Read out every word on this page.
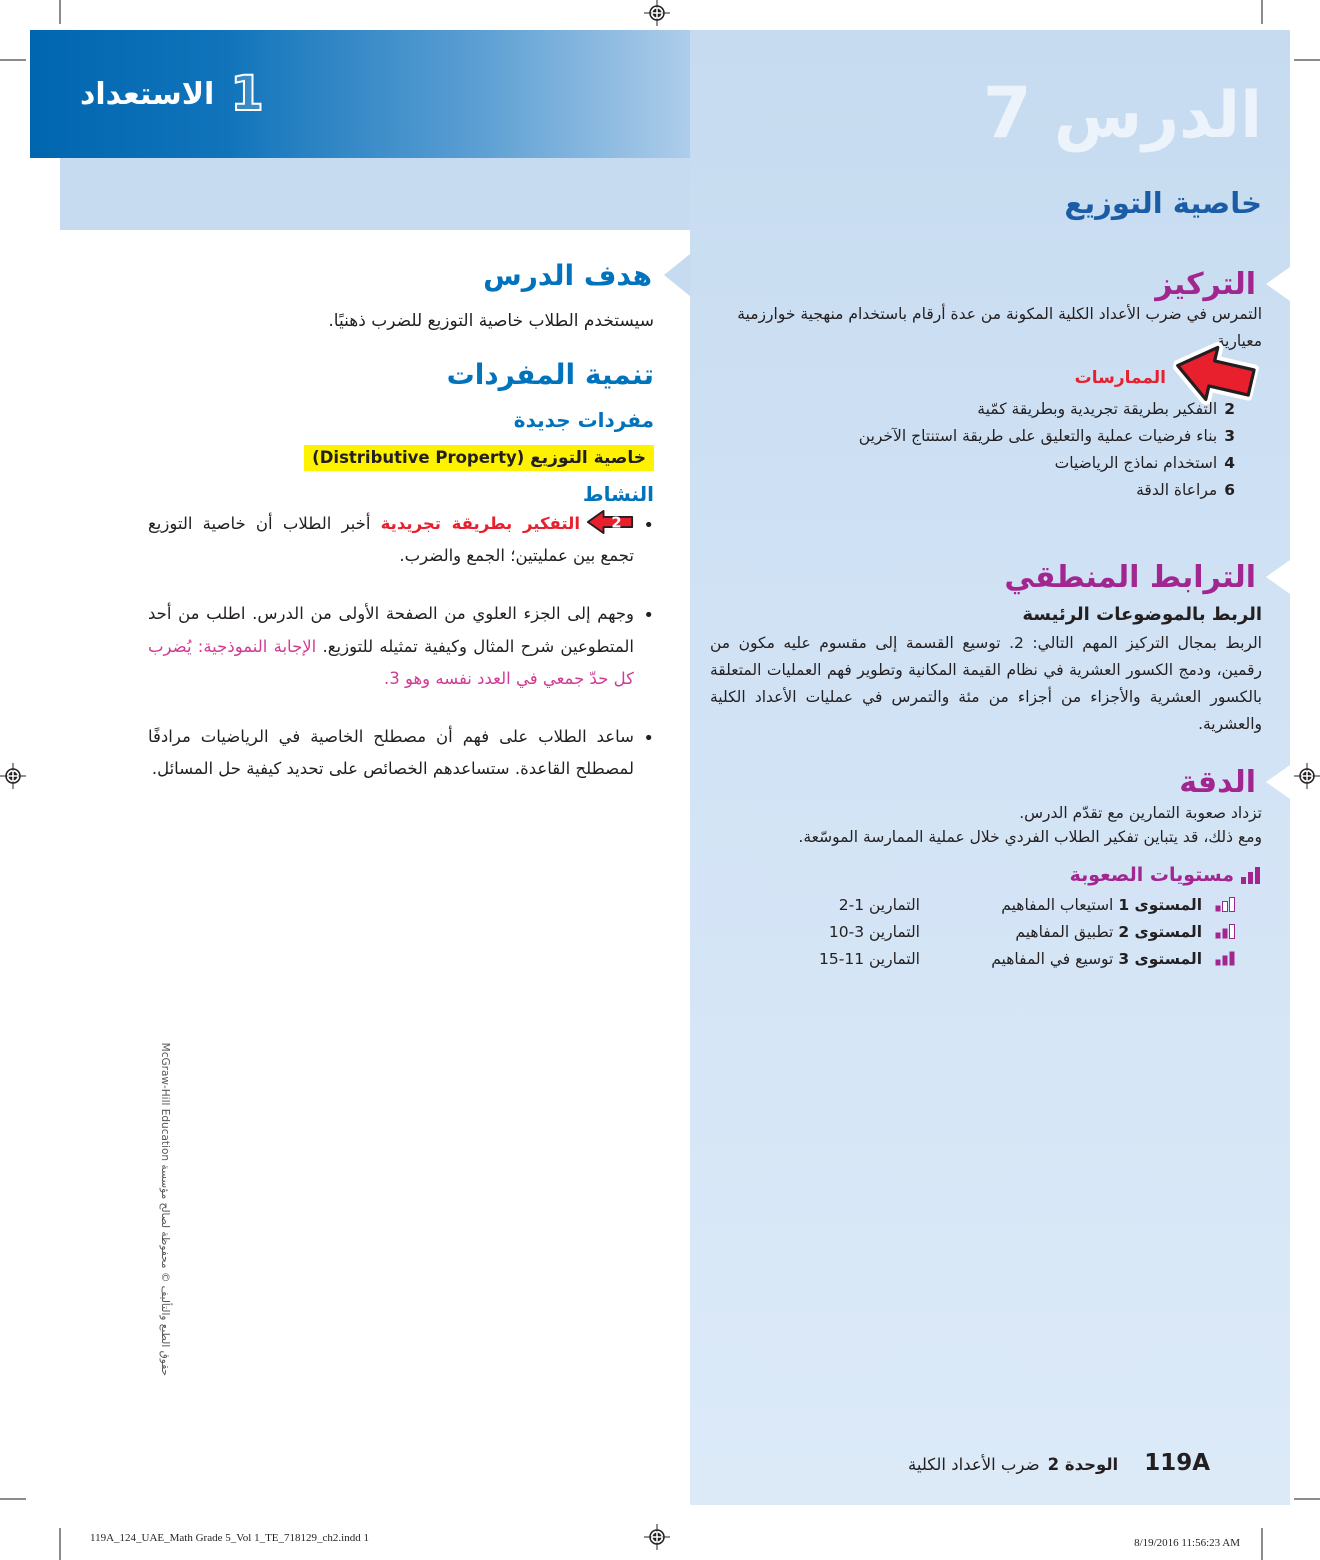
الدرس 7
خاصية التوزيع
التركيز

التمرس في ضرب الأعداد الكلية المكونة من عدة أرقام باستخدام منهجية خوارزمية معيارية.

الممارسات
2التفكير بطريقة تجريدية وبطريقة كمّية
3بناء فرضيات عملية والتعليق على طريقة استنتاج الآخرين
4استخدام نماذج الرياضيات
6مراعاة الدقة
الترابط المنطقي
الربط بالموضوعات الرئيسة

الربط بمجال التركيز المهم التالي: 2. توسيع القسمة إلى مقسوم عليه مكون من رقمين، ودمج الكسور العشرية في نظام القيمة المكانية وتطوير فهم العمليات المتعلقة بالكسور العشرية والأجزاء من أجزاء من مئة والتمرس في عمليات الأعداد الكلية والعشرية.

الدقة

تزداد صعوبة التمارين مع تقدّم الدرس.

ومع ذلك، قد يتباين تفكير الطلاب الفردي خلال عملية الممارسة الموسّعة.

مستويات الصعوبة
المستوى 1 استيعاب المفاهيم
التمارين 1-2
المستوى 2 تطبيق المفاهيم
التمارين 3-10
المستوى 3 توسيع في المفاهيم
التمارين 11-15
119A
الوحدة 2
ضرب الأعداد الكلية
1
الاستعداد
هدف الدرس

سيستخدم الطلاب خاصية التوزيع للضرب ذهنيًا.

تنمية المفردات
مفردات جديدة
خاصية التوزيع (Distributive Property)
النشاط
• 2
التفكير بطريقة تجريدية أخبر الطلاب أن خاصية التوزيع تجمع بين عمليتين؛ الجمع والضرب.
• وجهم إلى الجزء العلوي من الصفحة الأولى من الدرس. اطلب من أحد المتطوعين شرح المثال وكيفية تمثيله للتوزيع. الإجابة النموذجية: يُضرب كل حدّ جمعي في العدد نفسه وهو 3.
• ساعد الطلاب على فهم أن مصطلح الخاصية في الرياضيات مرادفًا لمصطلح القاعدة. ستساعدهم الخصائص على تحديد كيفية حل المسائل.
حقوق الطبع والتأليف © محفوظة لصالح مؤسسة McGraw-Hill Education
119A_124_UAE_Math Grade 5_Vol 1_TE_718129_ch2.indd 1	8/19/2016 11:56:23 AM
